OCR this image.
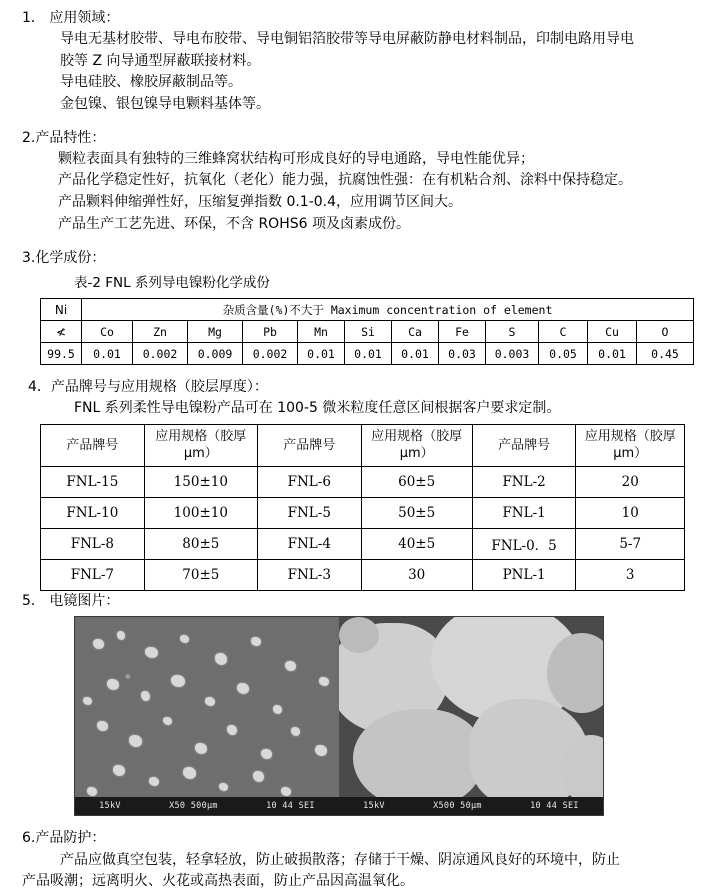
1． 应用领域：
导电无基材胶带、导电布胶带、导电铜铝箔胶带等导电屏蔽防静电材料制品，印制电路用导电
胶等 Z 向导通型屏蔽联接材料。
导电硅胶、橡胶屏蔽制品等。
金包镍、银包镍导电颗料基体等。
2.产品特性：
颗粒表面具有独特的三维蜂窝状结构可形成良好的导电通路，导电性能优异；
产品化学稳定性好，抗氧化（老化）能力强，抗腐蚀性强：在有机粘合剂、涂料中保持稳定。
产品颗料伸缩弹性好，压缩复弹指数 0.1-0.4，应用调节区间大。
产品生产工艺先进、环保，不含 ROHS6 项及卤素成份。
3.化学成份：
表-2 FNL 系列导电镍粉化学成份
Ni	杂质含量(%)不大于 Maximum concentration of element											
≮	Co	Zn	Mg	Pb	Mn	Si	Ca	Fe	S	C	Cu	O
99.5	0.01	0.002	0.009	0.002	0.01	0.01	0.01	0.03	0.003	0.05	0.01	0.45
4．产品牌号与应用规格（胶层厚度）：
FNL 系列柔性导电镍粉产品可在 100-5 微米粒度任意区间根据客户要求定制。
产品牌号	应用规格（胶厚μm）	产品牌号	应用规格（胶厚μm）	产品牌号	应用规格（胶厚μm）
FNL-15	150±10	FNL-6	60±5	FNL-2	20
FNL-10	100±10	FNL-5	50±5	FNL-1	10
FNL-8	80±5	FNL-4	40±5	FNL-0．5	5-7
FNL-7	70±5	FNL-3	30	PNL-1	3
5． 电镜图片：
15kV	X50 500μm	10 44 SEI	15kV	X500 50μm	10 44 SEI
6.产品防护：
产品应做真空包装，轻拿轻放，防止破损散落；存储于干燥、阴凉通风良好的环境中，防止
产品吸潮；远离明火、火花或高热表面，防止产品因高温氧化。
